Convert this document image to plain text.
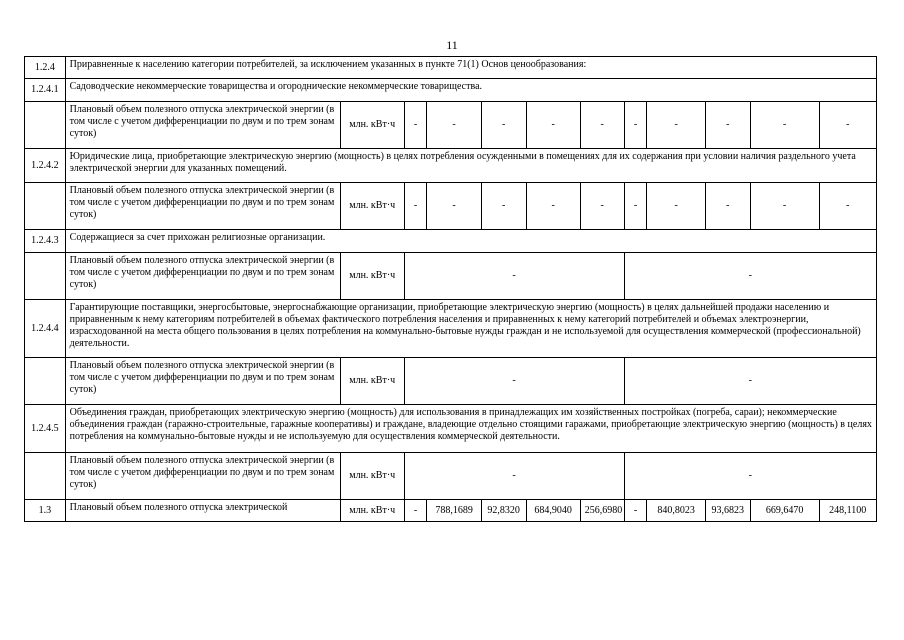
11
1.2.4	Приравненные к населению категории потребителей, за исключением указанных в пункте 71(1) Основ ценообразования:											
1.2.4.1	Садоводческие некоммерческие товарищества и огороднические некоммерческие товарищества.											
	Плановый объем полезного отпуска электрической энергии (в том числе с учетом дифференциации по двум и по трем зонам суток)	млн. кВт·ч	-	-	-	-	-	-	-	-	-	-
1.2.4.2	Юридические лица, приобретающие электрическую энергию (мощность) в целях потребления осужденными в помещениях для их содержания при условии наличия раздельного учета электрической энергии для указанных помещений.											
	Плановый объем полезного отпуска электрической энергии (в том числе с учетом дифференциации по двум и по трем зонам суток)	млн. кВт·ч	-	-	-	-	-	-	-	-	-	-
1.2.4.3	Содержащиеся за счет прихожан религиозные организации.											
	Плановый объем полезного отпуска электрической энергии (в том числе с учетом дифференциации по двум и по трем зонам суток)	млн. кВт·ч	-					-				
1.2.4.4	Гарантирующие поставщики, энергосбытовые, энергоснабжающие организации, приобретающие электрическую энергию (мощность) в целях дальнейшей продажи населению и приравненным к нему категориям потребителей в объемах фактического потребления населения и приравненных к нему категорий потребителей и объемах электроэнергии, израсходованной на места общего пользования в целях потребления на коммунально-бытовые нужды граждан и не используемой для осуществления коммерческой (профессиональной) деятельности.											
	Плановый объем полезного отпуска электрической энергии (в том числе с учетом дифференциации по двум и по трем зонам суток)	млн. кВт·ч	-					-				
1.2.4.5	Объединения граждан, приобретающих электрическую энергию (мощность) для использования в принадлежащих им хозяйственных постройках (погреба, сараи); некоммерческие объединения граждан (гаражно-строительные, гаражные кооперативы) и граждане, владеющие отдельно стоящими гаражами, приобретающие электрическую энергию (мощность) в целях потребления на коммунально-бытовые нужды и не используемую для осуществления коммерческой деятельности.											
	Плановый объем полезного отпуска электрической энергии (в том числе с учетом дифференциации по двум и по трем зонам суток)	млн. кВт·ч	-					-				
1.3	Плановый объем полезного отпуска электрической	млн. кВт·ч	-	788,1689	92,8320	684,9040	256,6980	-	840,8023	93,6823	669,6470	248,1100
